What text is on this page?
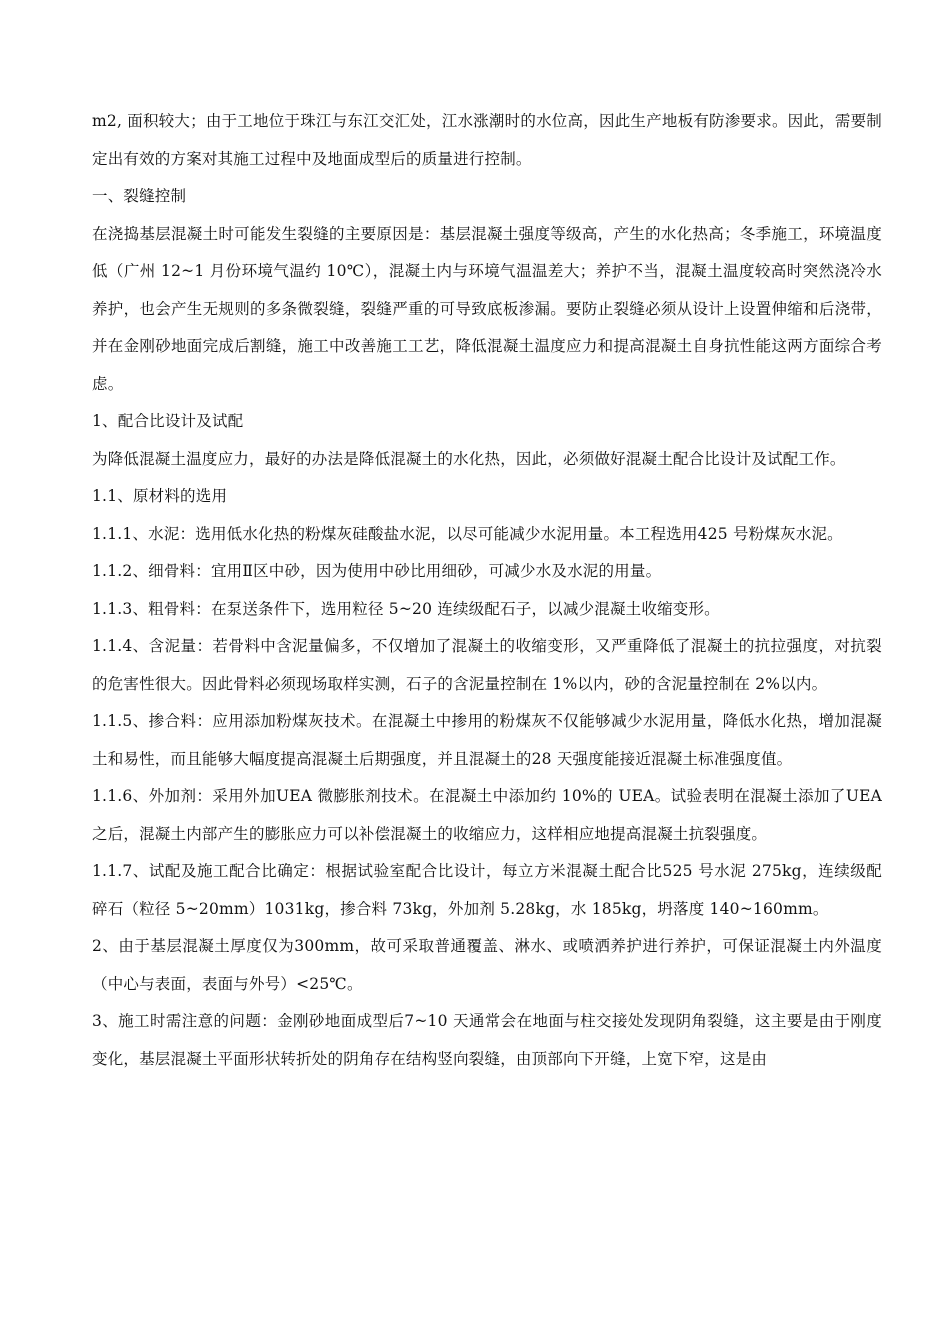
m2, 面积较大；由于工地位于珠江与东江交汇处，江水涨潮时的水位高，因此生产地板有防渗要求。因此，需要制定出有效的方案对其施工过程中及地面成型后的质量进行控制。

一、裂缝控制

在浇捣基层混凝土时可能发生裂缝的主要原因是：基层混凝土强度等级高，产生的水化热高；冬季施工，环境温度低（广州 12~1 月份环境气温约 10℃），混凝土内与环境气温温差大；养护不当，混凝土温度较高时突然浇冷水养护，也会产生无规则的多条微裂缝，裂缝严重的可导致底板渗漏。要防止裂缝必须从设计上设置伸缩和后浇带，并在金刚砂地面完成后割缝，施工中改善施工工艺，降低混凝土温度应力和提高混凝土自身抗性能这两方面综合考虑。

1、配合比设计及试配

为降低混凝土温度应力，最好的办法是降低混凝土的水化热，因此，必须做好混凝土配合比设计及试配工作。

1.1、原材料的选用

1.1.1、水泥：选用低水化热的粉煤灰硅酸盐水泥，以尽可能减少水泥用量。本工程选用425 号粉煤灰水泥。

1.1.2、细骨料：宜用Ⅱ区中砂，因为使用中砂比用细砂，可减少水及水泥的用量。

1.1.3、粗骨料：在泵送条件下，选用粒径 5~20 连续级配石子，以减少混凝土收缩变形。

1.1.4、含泥量：若骨料中含泥量偏多，不仅增加了混凝土的收缩变形，又严重降低了混凝土的抗拉强度，对抗裂的危害性很大。因此骨料必须现场取样实测，石子的含泥量控制在 1%以内，砂的含泥量控制在 2%以内。

1.1.5、掺合料：应用添加粉煤灰技术。在混凝土中掺用的粉煤灰不仅能够减少水泥用量，降低水化热，增加混凝土和易性，而且能够大幅度提高混凝土后期强度，并且混凝土的28 天强度能接近混凝土标准强度值。

1.1.6、外加剂：采用外加UEA 微膨胀剂技术。在混凝土中添加约 10%的 UEA。试验表明在混凝土添加了UEA 之后，混凝土内部产生的膨胀应力可以补偿混凝土的收缩应力，这样相应地提高混凝土抗裂强度。

1.1.7、试配及施工配合比确定：根据试验室配合比设计，每立方米混凝土配合比525 号水泥 275kg，连续级配碎石（粒径 5~20mm）1031kg，掺合料 73kg，外加剂 5.28kg，水 185kg，坍落度 140~160mm。

2、由于基层混凝土厚度仅为300mm，故可采取普通覆盖、淋水、或喷洒养护进行养护，可保证混凝土内外温度（中心与表面，表面与外号）<25℃。

3、施工时需注意的问题：金刚砂地面成型后7~10 天通常会在地面与柱交接处发现阴角裂缝，这主要是由于刚度变化，基层混凝土平面形状转折处的阴角存在结构竖向裂缝，由顶部向下开缝，上宽下窄，这是由
